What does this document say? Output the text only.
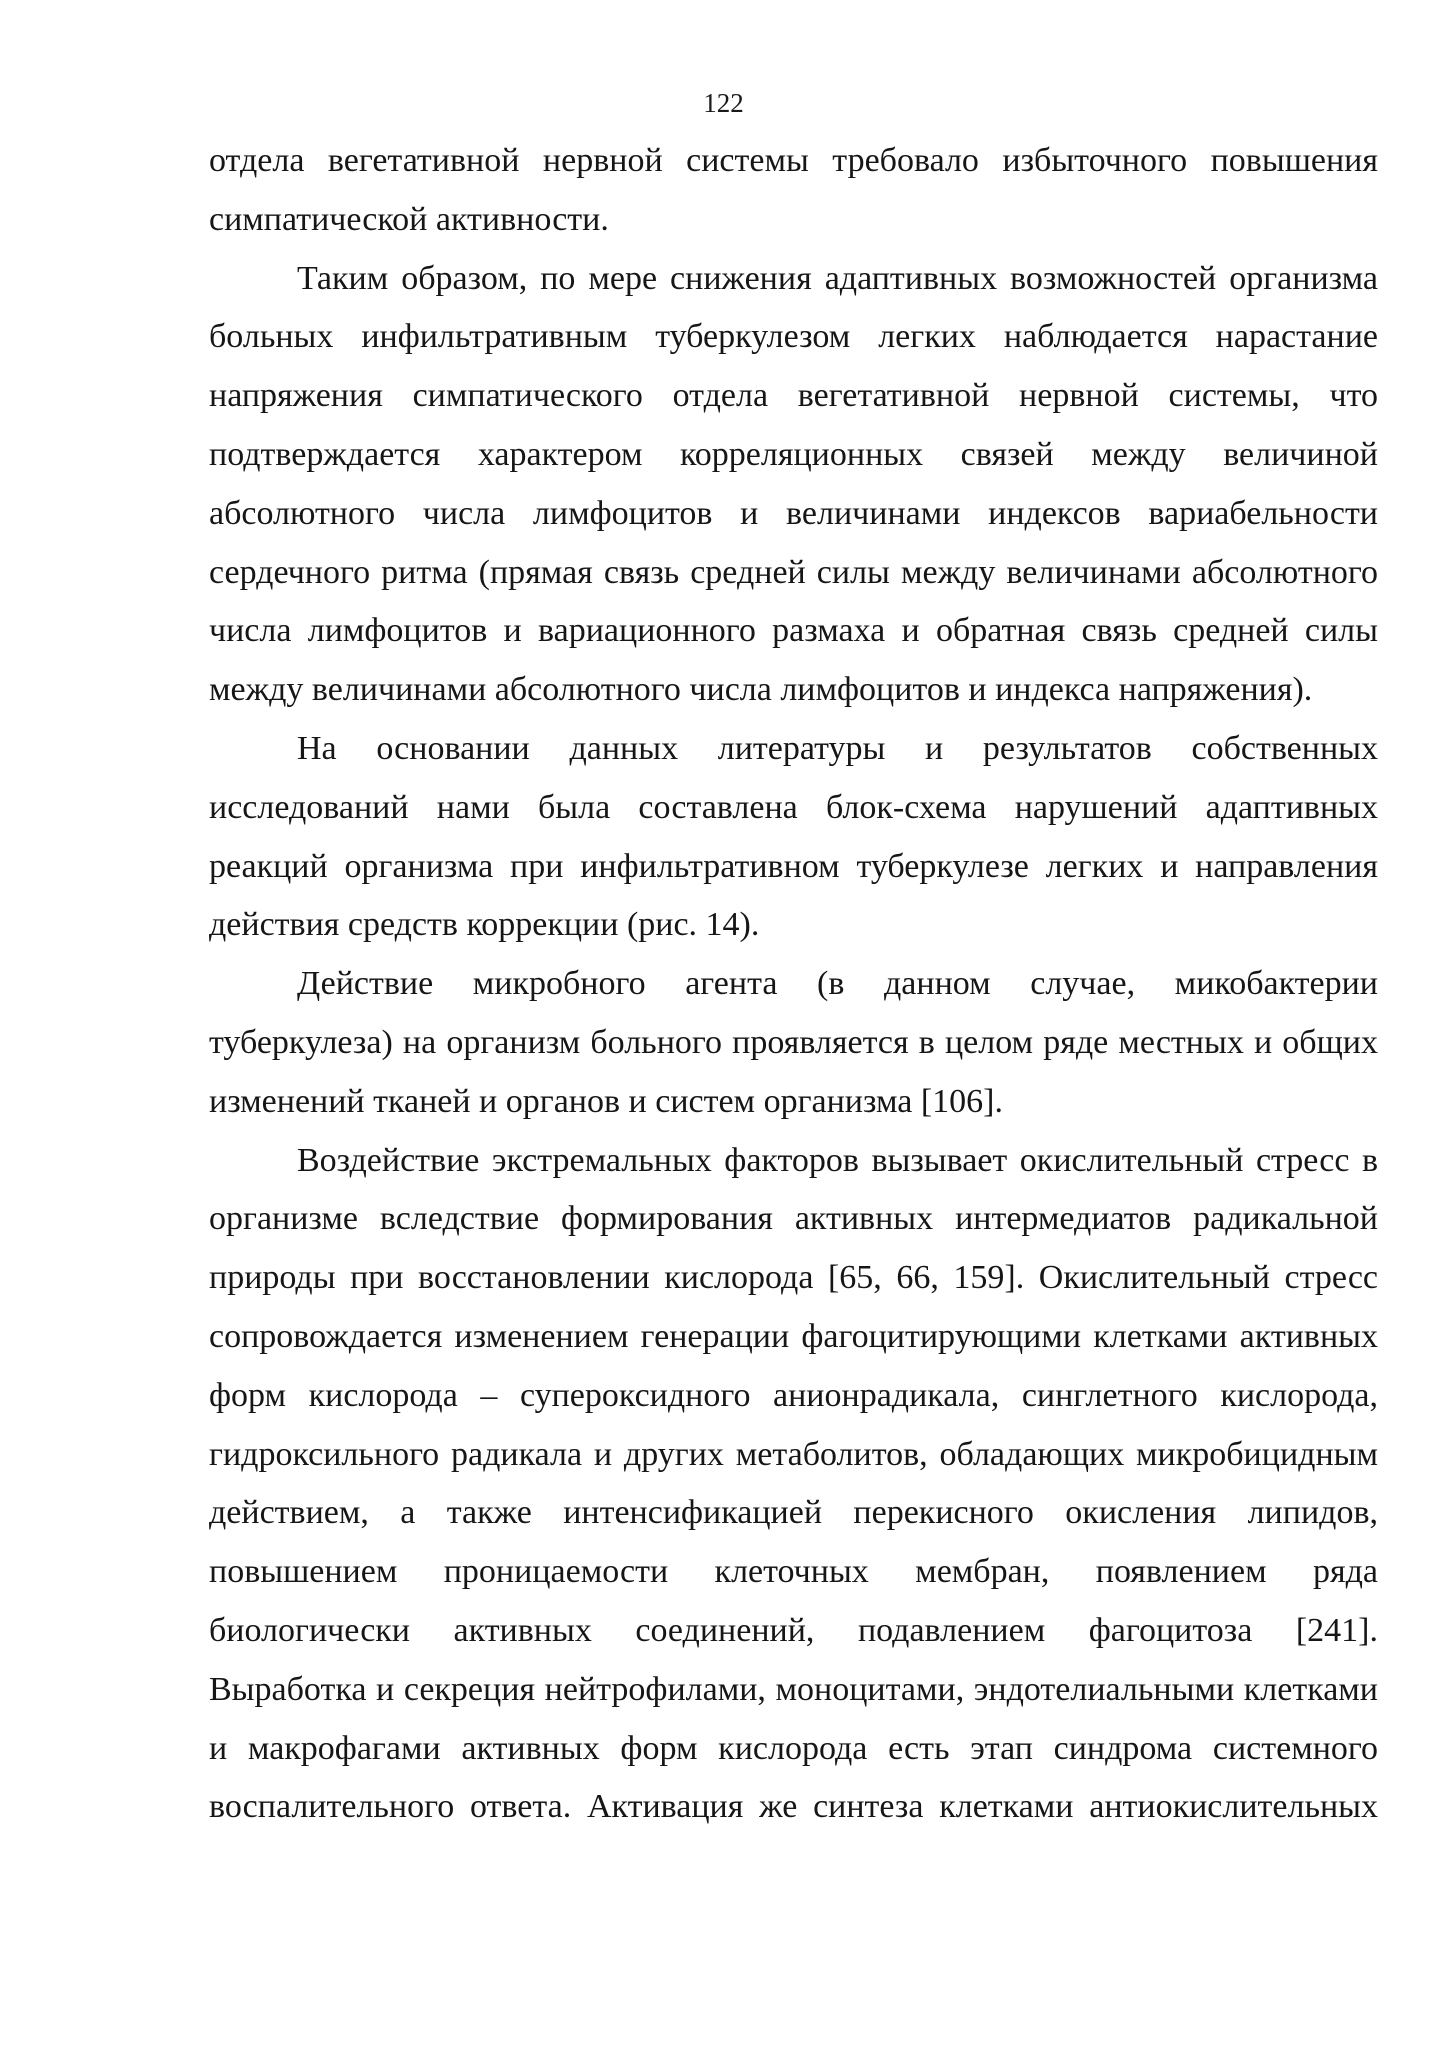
122
отдела вегетативной нервной системы требовало избыточного повышения
симпатической активности.
Таким образом, по мере снижения адаптивных возможностей организма
больных инфильтративным туберкулезом легких наблюдается нарастание
напряжения симпатического отдела вегетативной нервной системы, что
подтверждается характером корреляционных связей между величиной
абсолютного числа лимфоцитов и величинами индексов вариабельности
сердечного ритма (прямая связь средней силы между величинами абсолютного
числа лимфоцитов и вариационного размаха и обратная связь средней силы
между величинами абсолютного числа лимфоцитов и индекса напряжения).
На основании данных литературы и результатов собственных
исследований нами была составлена блок-схема нарушений адаптивных
реакций организма при инфильтративном туберкулезе легких и направления
действия средств коррекции (рис. 14).
Действие микробного агента (в данном случае, микобактерии
туберкулеза) на организм больного проявляется в целом ряде местных и общих
изменений тканей и органов и систем организма [106].
Воздействие экстремальных факторов вызывает окислительный стресс в
организме вследствие формирования активных интермедиатов радикальной
природы при восстановлении кислорода [65, 66, 159]. Окислительный стресс
сопровождается изменением генерации фагоцитирующими клетками активных
форм кислорода – супероксидного анионрадикала, синглетного кислорода,
гидроксильного радикала и других метаболитов, обладающих микробицидным
действием, а также интенсификацией перекисного окисления липидов,
повышением проницаемости клеточных мембран, появлением ряда
биологически активных соединений, подавлением фагоцитоза [241].
Выработка и секреция нейтрофилами, моноцитами, эндотелиальными клетками
и макрофагами активных форм кислорода есть этап синдрома системного
воспалительного ответа. Активация же синтеза клетками антиокислительных
